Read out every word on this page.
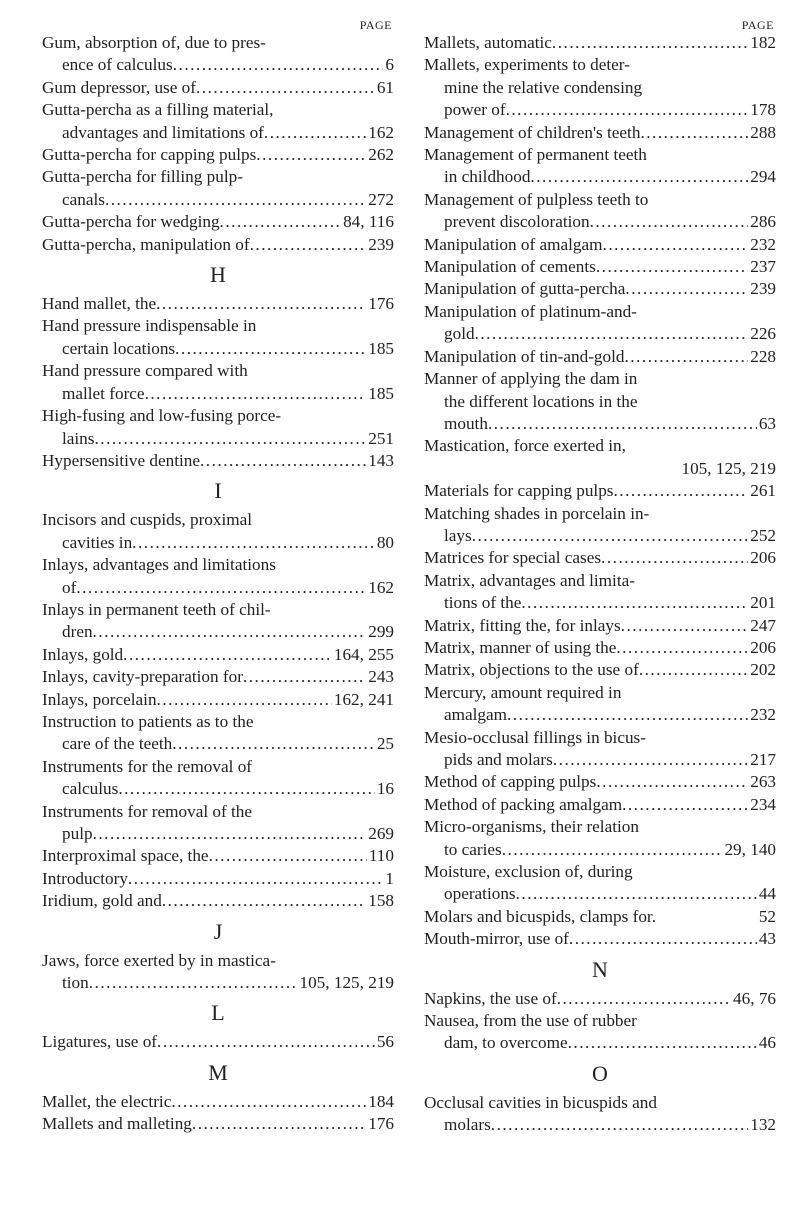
PAGE
Gum, absorption of, due to pres-
ence of calculus .....	6
Gum depressor, use of .....	61
Gutta-percha as a filling material,
advantages and limitations of .....	162
Gutta-percha for capping pulps .....	262
Gutta-percha for filling pulp-
canals .....	272
Gutta-percha for wedging .....	84, 116
Gutta-percha, manipulation of .....	239
H
Hand mallet, the .....	176
Hand pressure indispensable in
certain locations .....	185
Hand pressure compared with
mallet force .....	185
High-fusing and low-fusing porce-
lains .....	251
Hypersensitive dentine .....	143
I
Incisors and cuspids, proximal
cavities in .....	80
Inlays, advantages and limitations
of .....	162
Inlays in permanent teeth of chil-
dren .....	299
Inlays, gold .....	164, 255
Inlays, cavity-preparation for .....	243
Inlays, porcelain .....	162, 241
Instruction to patients as to the
care of the teeth .....	25
Instruments for the removal of
calculus .....	16
Instruments for removal of the
pulp .....	269
Interproximal space, the .....	110
Introductory .....	1
Iridium, gold and .....	158
J
Jaws, force exerted by in mastica-
tion .....	105, 125, 219
L
Ligatures, use of .....	56
M
Mallet, the electric .....	184
Mallets and malleting .....	176
PAGE
Mallets, automatic .....	182
Mallets, experiments to deter-
mine the relative condensing
power of .....	178
Management of children's teeth .....	288
Management of permanent teeth
in childhood .....	294
Management of pulpless teeth to
prevent discoloration .....	286
Manipulation of amalgam .....	232
Manipulation of cements .....	237
Manipulation of gutta-percha .....	239
Manipulation of platinum-and-
gold .....	226
Manipulation of tin-and-gold .....	228
Manner of applying the dam in
the different locations in the
mouth .....	63
Mastication, force exerted in,
105, 125, 219
Materials for capping pulps .....	261
Matching shades in porcelain in-
lays .....	252
Matrices for special cases .....	206
Matrix, advantages and limita-
tions of the .....	201
Matrix, fitting the, for inlays .....	247
Matrix, manner of using the .....	206
Matrix, objections to the use of .....	202
Mercury, amount required in
amalgam .....	232
Mesio-occlusal fillings in bicus-
pids and molars .....	217
Method of capping pulps .....	263
Method of packing amalgam .....	234
Micro-organisms, their relation
to caries .....	29, 140
Moisture, exclusion of, during
operations .....	44
Molars and bicuspids, clamps for.	52
Mouth-mirror, use of .....	43
N
Napkins, the use of .....	46, 76
Nausea, from the use of rubber
dam, to overcome .....	46
O
Occlusal cavities in bicuspids and
molars .....	132
